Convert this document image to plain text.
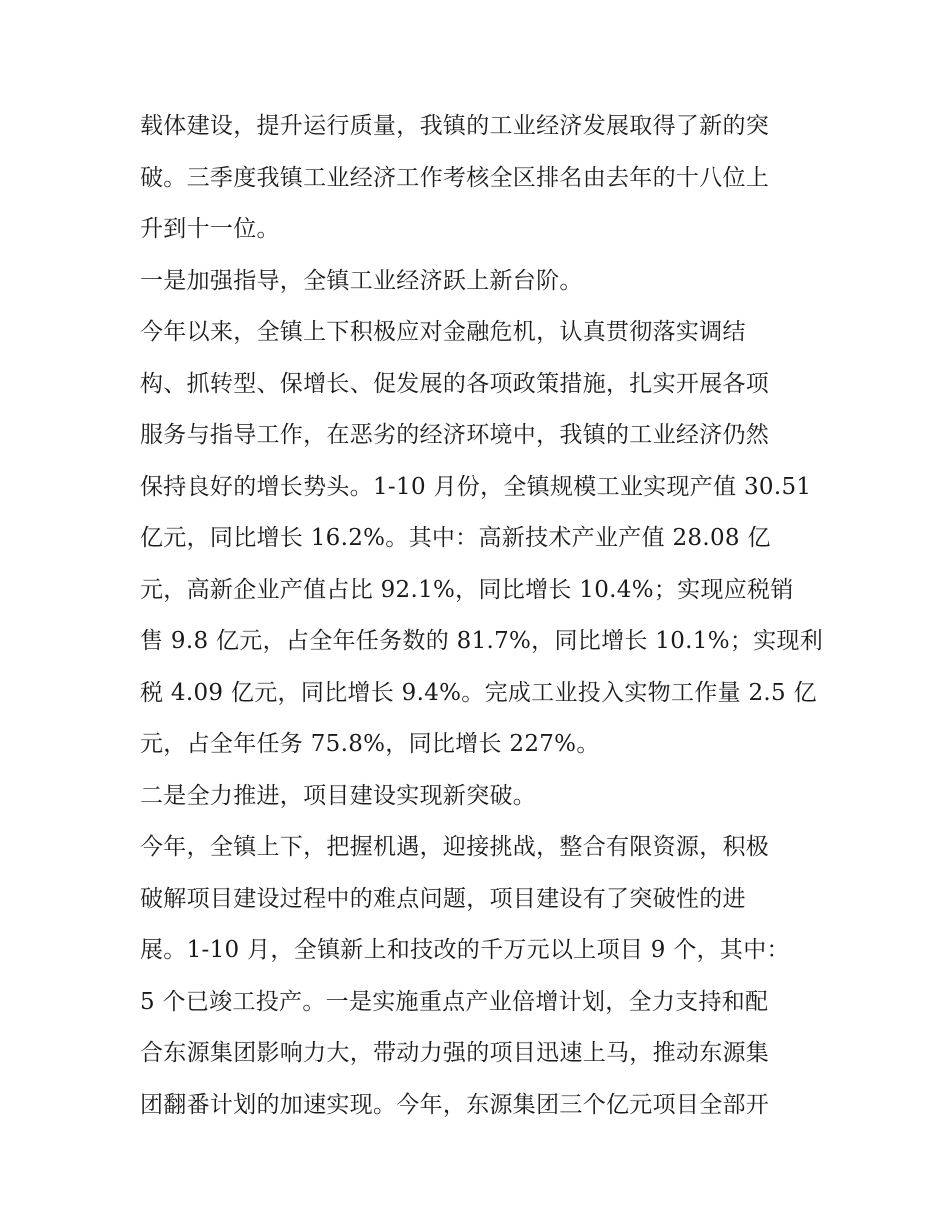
载体建设，提升运行质量，我镇的工业经济发展取得了新的突
破。三季度我镇工业经济工作考核全区排名由去年的十八位上
升到十一位。
一是加强指导，全镇工业经济跃上新台阶。
今年以来，全镇上下积极应对金融危机，认真贯彻落实调结
构、抓转型、保增长、促发展的各项政策措施，扎实开展各项
服务与指导工作，在恶劣的经济环境中，我镇的工业经济仍然
保持良好的增长势头。1-10 月份，全镇规模工业实现产值 30.51
亿元，同比增长 16.2%。其中：高新技术产业产值 28.08 亿
元，高新企业产值占比 92.1%，同比增长 10.4%；实现应税销
售 9.8 亿元，占全年任务数的 81.7%，同比增长 10.1%；实现利
税 4.09 亿元，同比增长 9.4%。完成工业投入实物工作量 2.5 亿
元，占全年任务 75.8%，同比增长 227%。
二是全力推进，项目建设实现新突破。
今年，全镇上下，把握机遇，迎接挑战，整合有限资源，积极
破解项目建设过程中的难点问题，项目建设有了突破性的进
展。1-10 月，全镇新上和技改的千万元以上项目 9 个，其中：
5 个已竣工投产。一是实施重点产业倍增计划，全力支持和配
合东源集团影响力大，带动力强的项目迅速上马，推动东源集
团翻番计划的加速实现。今年，东源集团三个亿元项目全部开
